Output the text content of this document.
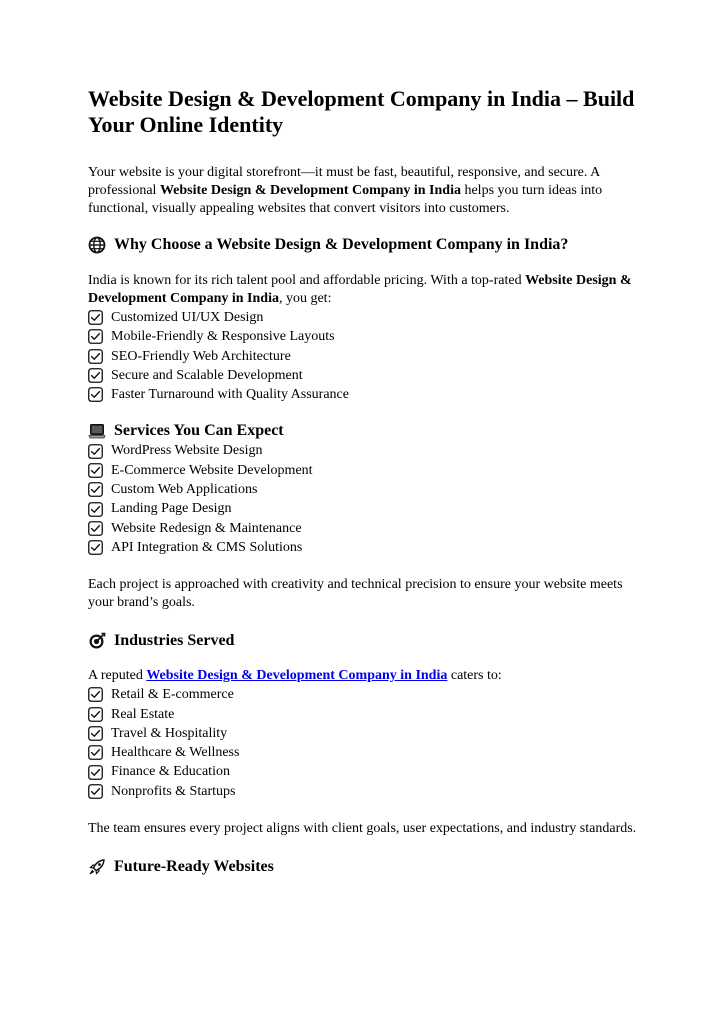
Website Design & Development Company in India – Build Your Online Identity

Your website is your digital storefront—it must be fast, beautiful, responsive, and secure. A professional Website Design & Development Company in India helps you turn ideas into functional, visually appealing websites that convert visitors into customers.

Why Choose a Website Design & Development Company in India?

India is known for its rich talent pool and affordable pricing. With a top-rated Website Design & Development Company in India, you get:

Customized UI/UX Design
Mobile-Friendly & Responsive Layouts
SEO-Friendly Web Architecture
Secure and Scalable Development
Faster Turnaround with Quality Assurance
Services You Can Expect
WordPress Website Design
E-Commerce Website Development
Custom Web Applications
Landing Page Design
Website Redesign & Maintenance
API Integration & CMS Solutions

Each project is approached with creativity and technical precision to ensure your website meets your brand’s goals.

Industries Served

A reputed Website Design & Development Company in India caters to:

Retail & E-commerce
Real Estate
Travel & Hospitality
Healthcare & Wellness
Finance & Education
Nonprofits & Startups

The team ensures every project aligns with client goals, user expectations, and industry standards.

Future-Ready Websites
